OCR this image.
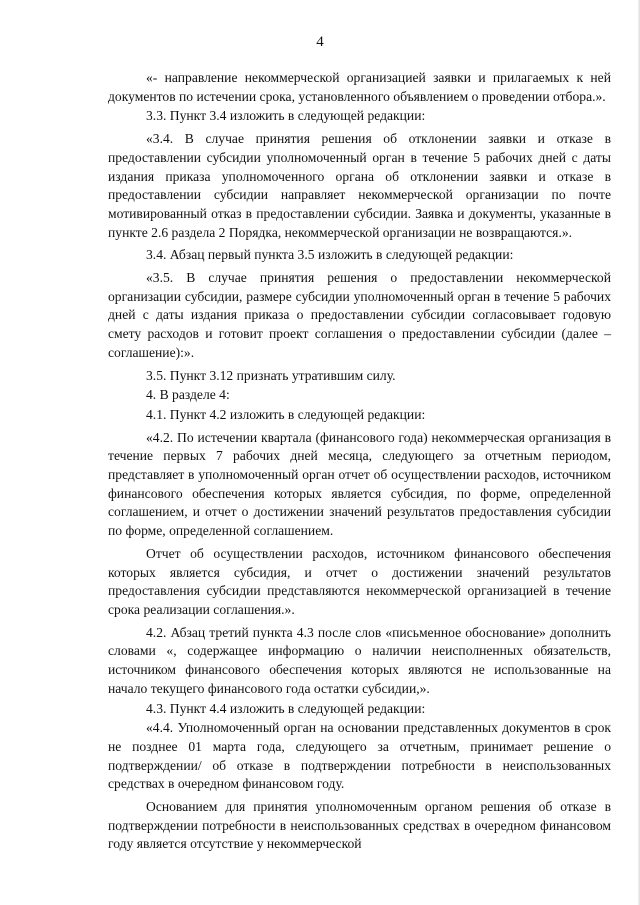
4

«- направление некоммерческой организацией заявки и прилагаемых к ней документов по истечении срока, установленного объявлением о проведении отбора.».

3.3. Пункт 3.4 изложить в следующей редакции:

«3.4. В случае принятия решения об отклонении заявки и отказе в предоставлении субсидии уполномоченный орган в течение 5 рабочих дней с даты издания приказа уполномоченного органа об отклонении заявки и отказе в предоставлении субсидии направляет некоммерческой организации по почте мотивированный отказ в предоставлении субсидии. Заявка и документы, указанные в пункте 2.6 раздела 2 Порядка, некоммерческой организации не возвращаются.».

3.4. Абзац первый пункта 3.5 изложить в следующей редакции:

«3.5. В случае принятия решения о предоставлении некоммерческой организации субсидии, размере субсидии уполномоченный орган в течение 5 рабочих дней с даты издания приказа о предоставлении субсидии согласовывает годовую смету расходов и готовит проект соглашения о предоставлении субсидии (далее – соглашение):».

3.5. Пункт 3.12 признать утратившим силу.

4. В разделе 4:

4.1. Пункт 4.2 изложить в следующей редакции:

«4.2. По истечении квартала (финансового года) некоммерческая организация в течение первых 7 рабочих дней месяца, следующего за отчетным периодом, представляет в уполномоченный орган отчет об осуществлении расходов, источником финансового обеспечения которых является субсидия, по форме, определенной соглашением, и отчет о достижении значений результатов предоставления субсидии по форме, определенной соглашением.

Отчет об осуществлении расходов, источником финансового обеспечения которых является субсидия, и отчет о достижении значений результатов предоставления субсидии представляются некоммерческой организацией в течение срока реализации соглашения.».

4.2. Абзац третий пункта 4.3 после слов «письменное обоснование» дополнить словами «, содержащее информацию о наличии неисполненных обязательств, источником финансового обеспечения которых являются не использованные на начало текущего финансового года остатки субсидии,».

4.3. Пункт 4.4 изложить в следующей редакции:

«4.4. Уполномоченный орган на основании представленных документов в срок не позднее 01 марта года, следующего за отчетным, принимает решение о подтверждении/ об отказе в подтверждении потребности в неиспользованных средствах в очередном финансовом году.

Основанием для принятия уполномоченным органом решения об отказе в подтверждении потребности в неиспользованных средствах в очередном финансовом году является отсутствие у некоммерческой
